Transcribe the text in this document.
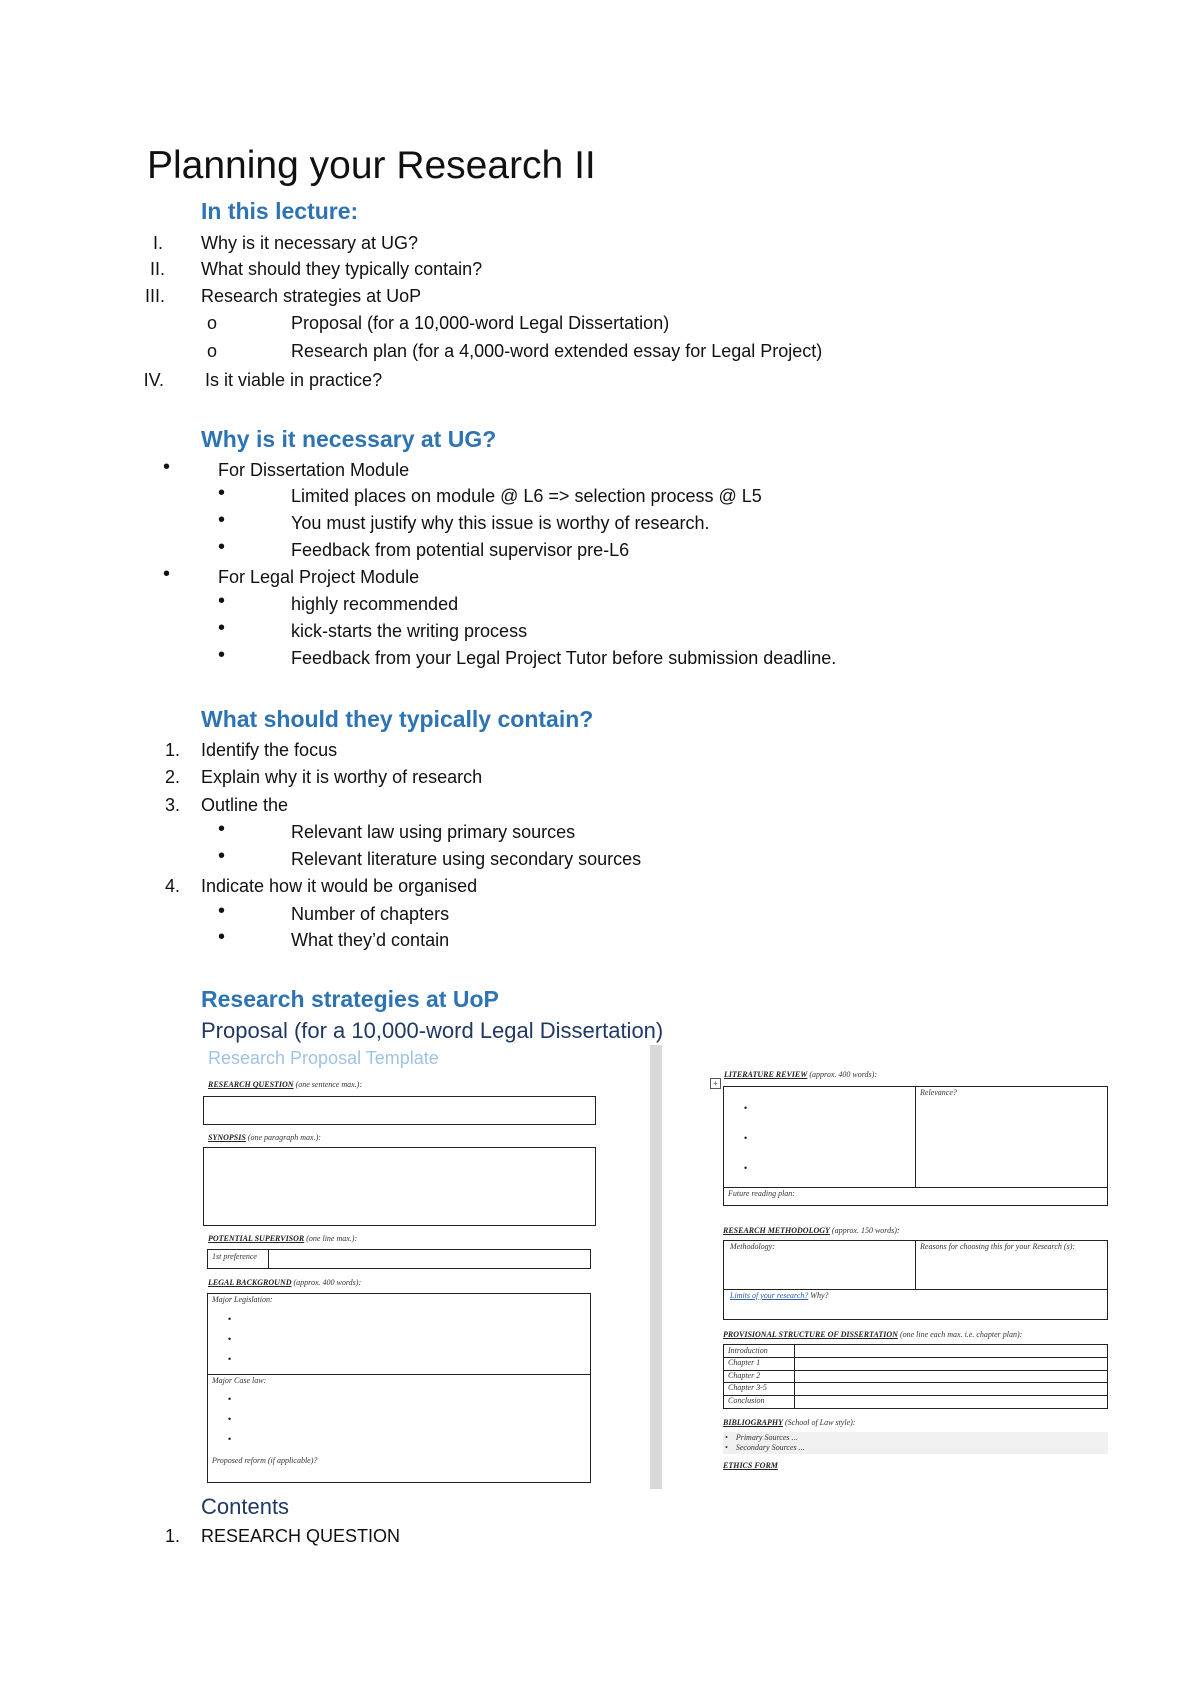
Planning your Research II
In this lecture:
I. Why is it necessary at UG?
II. What should they typically contain?
III. Research strategies at UoP
o	Proposal (for a 10,000-word Legal Dissertation)
o	Research plan (for a 4,000-word extended essay for Legal Project)
IV. Is it viable in practice?
Why is it necessary at UG?
•	For Dissertation Module
•	Limited places on module @ L6 => selection process @ L5
•	You must justify why this issue is worthy of research.
•	Feedback from potential supervisor pre-L6
•	For Legal Project Module
•	highly recommended
•	kick-starts the writing process
•	Feedback from your Legal Project Tutor before submission deadline.
What should they typically contain?
1. Identify the focus
2. Explain why it is worthy of research
3. Outline the
•	Relevant law using primary sources
•	Relevant literature using secondary sources
4. Indicate how it would be organised
•	Number of chapters
•	What they’d contain
Research strategies at UoP
Proposal (for a 10,000-word Legal Dissertation)
Research Proposal Template
RESEARCH QUESTION (one sentence max.):
SYNOPSIS (one paragraph max.):
POTENTIAL SUPERVISOR (one line max.):
1st preference
LEGAL BACKGROUND (approx. 400 words):
Major Legislation:
•
•
•
Major Case law:
•
•
•
Proposed reform (if applicable)?
LITERATURE REVIEW (approx. 400 words):
+
Relevance?
•
•
•
Future reading plan:
RESEARCH METHODOLOGY (approx. 150 words):
Methodology:	Reasons for choosing this for your Research (s):
Limits of your research? Why?
PROVISIONAL STRUCTURE OF DISSERTATION (one line each max. i.e. chapter plan):
Introduction
Chapter 1
Chapter 2
Chapter 3-5
Conclusion
BIBLIOGRAPHY (School of Law style):
•    Primary Sources ...
•    Secondary Sources ...
ETHICS FORM
Contents
1. RESEARCH QUESTION
